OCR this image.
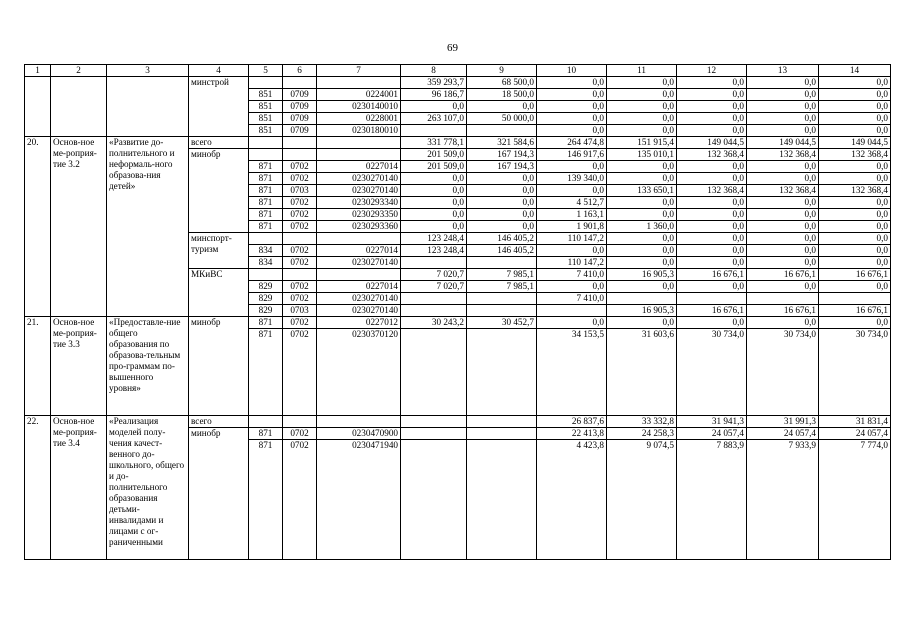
69
1	2	3	4	5	6	7	8	9	10	11	12	13	14
			минстрой				359 293,7	68 500,0	0,0	0,0	0,0	0,0	0,0
				851	0709	0224001	96 186,7	18 500,0	0,0	0,0	0,0	0,0	0,0
				851	0709	0230140010	0,0	0,0	0,0	0,0	0,0	0,0	0,0
				851	0709	0228001	263 107,0	50 000,0	0,0	0,0	0,0	0,0	0,0
				851	0709	0230180010			0,0	0,0	0,0	0,0	0,0
20.	Основ-ное ме-роприя-тие 3.2	«Развитие до-полнительного и неформаль-ного образова-ния детей»	всего				331 778,1	321 584,6	264 474,8	151 915,4	149 044,5	149 044,5	149 044,5
			минобр				201 509,0	167 194,3	146 917,6	135 010,1	132 368,4	132 368,4	132 368,4
				871	0702	0227014	201 509,0	167 194,3	0,0	0,0	0,0	0,0	0,0
				871	0702	0230270140	0,0	0,0	139 340,0	0,0	0,0	0,0	0,0
				871	0703	0230270140	0,0	0,0	0,0	133 650,1	132 368,4	132 368,4	132 368,4
				871	0702	0230293340	0,0	0,0	4 512,7	0,0	0,0	0,0	0,0
				871	0702	0230293350	0,0	0,0	1 163,1	0,0	0,0	0,0	0,0
				871	0702	0230293360	0,0	0,0	1 901,8	1 360,0	0,0	0,0	0,0
			минспорт-туризм				123 248,4	146 405,2	110 147,2	0,0	0,0	0,0	0,0
				834	0702	0227014	123 248,4	146 405,2	0,0	0,0	0,0	0,0	0,0
				834	0702	0230270140			110 147,2	0,0	0,0	0,0	0,0
			МКиВС				7 020,7	7 985,1	7 410,0	16 905,3	16 676,1	16 676,1	16 676,1
				829	0702	0227014	7 020,7	7 985,1	0,0	0,0	0,0	0,0	0,0
				829	0702	0230270140			7 410,0				
				829	0703	0230270140				16 905,3	16 676,1	16 676,1	16 676,1
21.	Основ-ное ме-роприя-тие 3.3	«Предоставле-ние общего образования по образова-тельным про-граммам по-вышенного уровня»	минобр	871	0702	0227012	30 243,2	30 452,7	0,0	0,0	0,0	0,0	0,0
				871	0702	0230370120			34 153,5	31 603,6	30 734,0	30 734,0	30 734,0
22.	Основ-ное ме-роприя-тие 3.4	«Реализация моделей полу-чения качест-венного до-школьного, общего и до-полнительного образования детьми-инвалидами и лицами с ог-раниченными	всего						26 837,6	33 332,8	31 941,3	31 991,3	31 831,4
			минобр	871	0702	0230470900			22 413,8	24 258,3	24 057,4	24 057,4	24 057,4
				871	0702	0230471940			4 423,8	9 074,5	7 883,9	7 933,9	7 774,0
